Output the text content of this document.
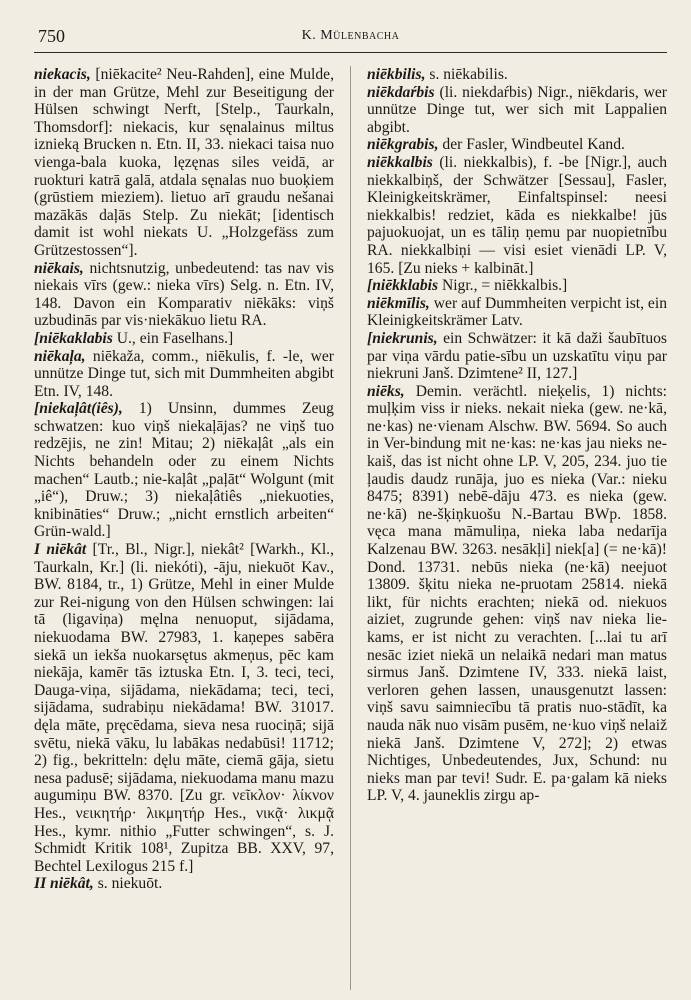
750	K. Mülenbacha

niekacis, [niēkacite² Neu-Rahden], eine Mulde, in der man Grütze, Mehl zur Beseitigung der Hülsen schwingt Nerft, [Stelp., Taurkaln, Thomsdorf]: niekacis, kur sęnalainus miltus iznieką Brucken n. Etn. II, 33. niekaci taisa nuo vienga-bala kuoka, lęzęnas siles veidā, ar ruokturi katrā galā, atdala sęnalas nuo buoķiem (grūstiem mieziem). lietuo arī graudu nešanai mazākās daļās Stelp. Zu niekāt; [identisch damit ist wohl niekats U. „Holzgefäss zum Grützestossen“].

niēkais, nichtsnutzig, unbedeutend: tas nav vis niekais vīrs (gew.: nieka vīrs) Selg. n. Etn. IV, 148. Davon ein Komparativ niēkāks: viņš uzbudinās par vis·niekākuo lietu RA.

[niēkaklabis U., ein Faselhans.]

niēkaļa, niēkaža, comm., niēkulis, f. -le, wer unnütze Dinge tut, sich mit Dummheiten abgibt Etn. IV, 148.

[niekaļât(iês), 1) Unsinn, dummes Zeug schwatzen: kuo viņš niekaļājas? ne viņš tuo redzējis, ne zin! Mitau; 2) niēkaļât „als ein Nichts behandeln oder zu einem Nichts machen“ Lautb.; nie-kaļât „paļāt“ Wolgunt (mit „iê“), Druw.; 3) niekaļâtiês „niekuoties, knibināties“ Druw.; „nicht ernstlich arbeiten“ Grün-wald.]

I niēkât [Tr., Bl., Nigr.], niekât² [Warkh., Kl., Taurkaln, Kr.] (li. niekóti), -āju, niekuōt Kav., BW. 8184, tr., 1) Grütze, Mehl in einer Mulde zur Rei-nigung von den Hülsen schwingen: lai tā (ligaviņa) męlna nenuoput, sijādama, niekuodama BW. 27983, 1. kaņepes sabēra siekā un iekša nuokarsętus akmeņus, pēc kam niekāja, kamēr tās iztuska Etn. I, 3. teci, teci, Dauga-viņa, sijādama, niekādama; teci, teci, sijādama, sudrabiņu niekādama! BW. 31017. dęla māte, pręcēdama, sieva nesa ruociņā; sijā svētu, niekā vāku, lu labākas nedabūsi! 11712; 2) fig., bekritteln: dęlu māte, ciemā gāja, sietu nesa padusē; sijādama, niekuodama manu mazu augumiņu BW. 8370. [Zu gr. νεῖκλον· λίκνον Hes., νεικητήρ· λικμητήρ Hes., νικᾷ· λικμᾷ Hes., kymr. nithio „Futter schwingen“, s. J. Schmidt Kritik 108¹, Zupitza BB. XXV, 97, Bechtel Lexilogus 215 f.]

II niēkât, s. niekuōt.

niēkbilis, s. niēkabilis.

niēkdaŕbis (li. niekdaŕbis) Nigr., niēkdaris, wer unnütze Dinge tut, wer sich mit Lappalien abgibt.

niēkgrabis, der Fasler, Windbeutel Kand.

niēkkalbis (li. niekkalbis), f. -be [Nigr.], auch niekkalbiņš, der Schwätzer [Sessau], Fasler, Kleinigkeitskrämer, Einfaltspinsel: neesi niekkalbis! redziet, kāda es niekkalbe! jūs pajuokuojat, un es tāliņ ņemu par nuopietnību RA. niekkalbiņi — visi esiet vienādi LP. V, 165. [Zu nieks + kalbināt.]

[niēkklabis Nigr., = niēkkalbis.]

niēkmīlis, wer auf Dummheiten verpicht ist, ein Kleinigkeitskrämer Latv.

[niekrunis, ein Schwätzer: it kā daži šaubītuos par viņa vārdu patie-sību un uzskatītu viņu par niekruni Janš. Dzimtene² II, 127.]

niēks, Demin. verächtl. nieķelis, 1) nichts: muļķim viss ir nieks. nekait nieka (gew. ne·kā, ne·kas) ne·vienam Alschw. BW. 5694. So auch in Ver-bindung mit ne·kas: ne·kas jau nieks ne-kaiš, das ist nicht ohne LP. V, 205, 234. juo tie ļaudis daudz runāja, juo es nieka (Var.: nieku 8475; 8391) nebē-dāju 473. es nieka (gew. ne·kā) ne-šķiņkuošu N.-Bartau BWp. 1858. vęca mana māmuliņa, nieka laba nedarīja Kalzenau BW. 3263. nesākļi] niek[a] (= ne·kā)! Dond. 13731. nebūs nieka (ne·kā) neejuot 13809. šķitu nieka ne-pruotam 25814. niekā likt, für nichts erachten; niekā od. niekuos aiziet, zugrunde gehen: viņš nav nieka lie-kams, er ist nicht zu verachten. [...lai tu arī nesāc iziet niekā un nelaikā nedari man matus sirmus Janš. Dzimtene IV, 333. niekā laist, verloren gehen lassen, unausgenutzt lassen: viņš savu saimniecību tā pratis nuo-stādīt, ka nauda nāk nuo visām pusēm, ne·kuo viņš nelaiž niekā Janš. Dzimtene V, 272]; 2) etwas Nichtiges, Unbedeutendes, Jux, Schund: nu nieks man par tevi! Sudr. E. pa·galam kā nieks LP. V, 4. jauneklis zirgu ap-
